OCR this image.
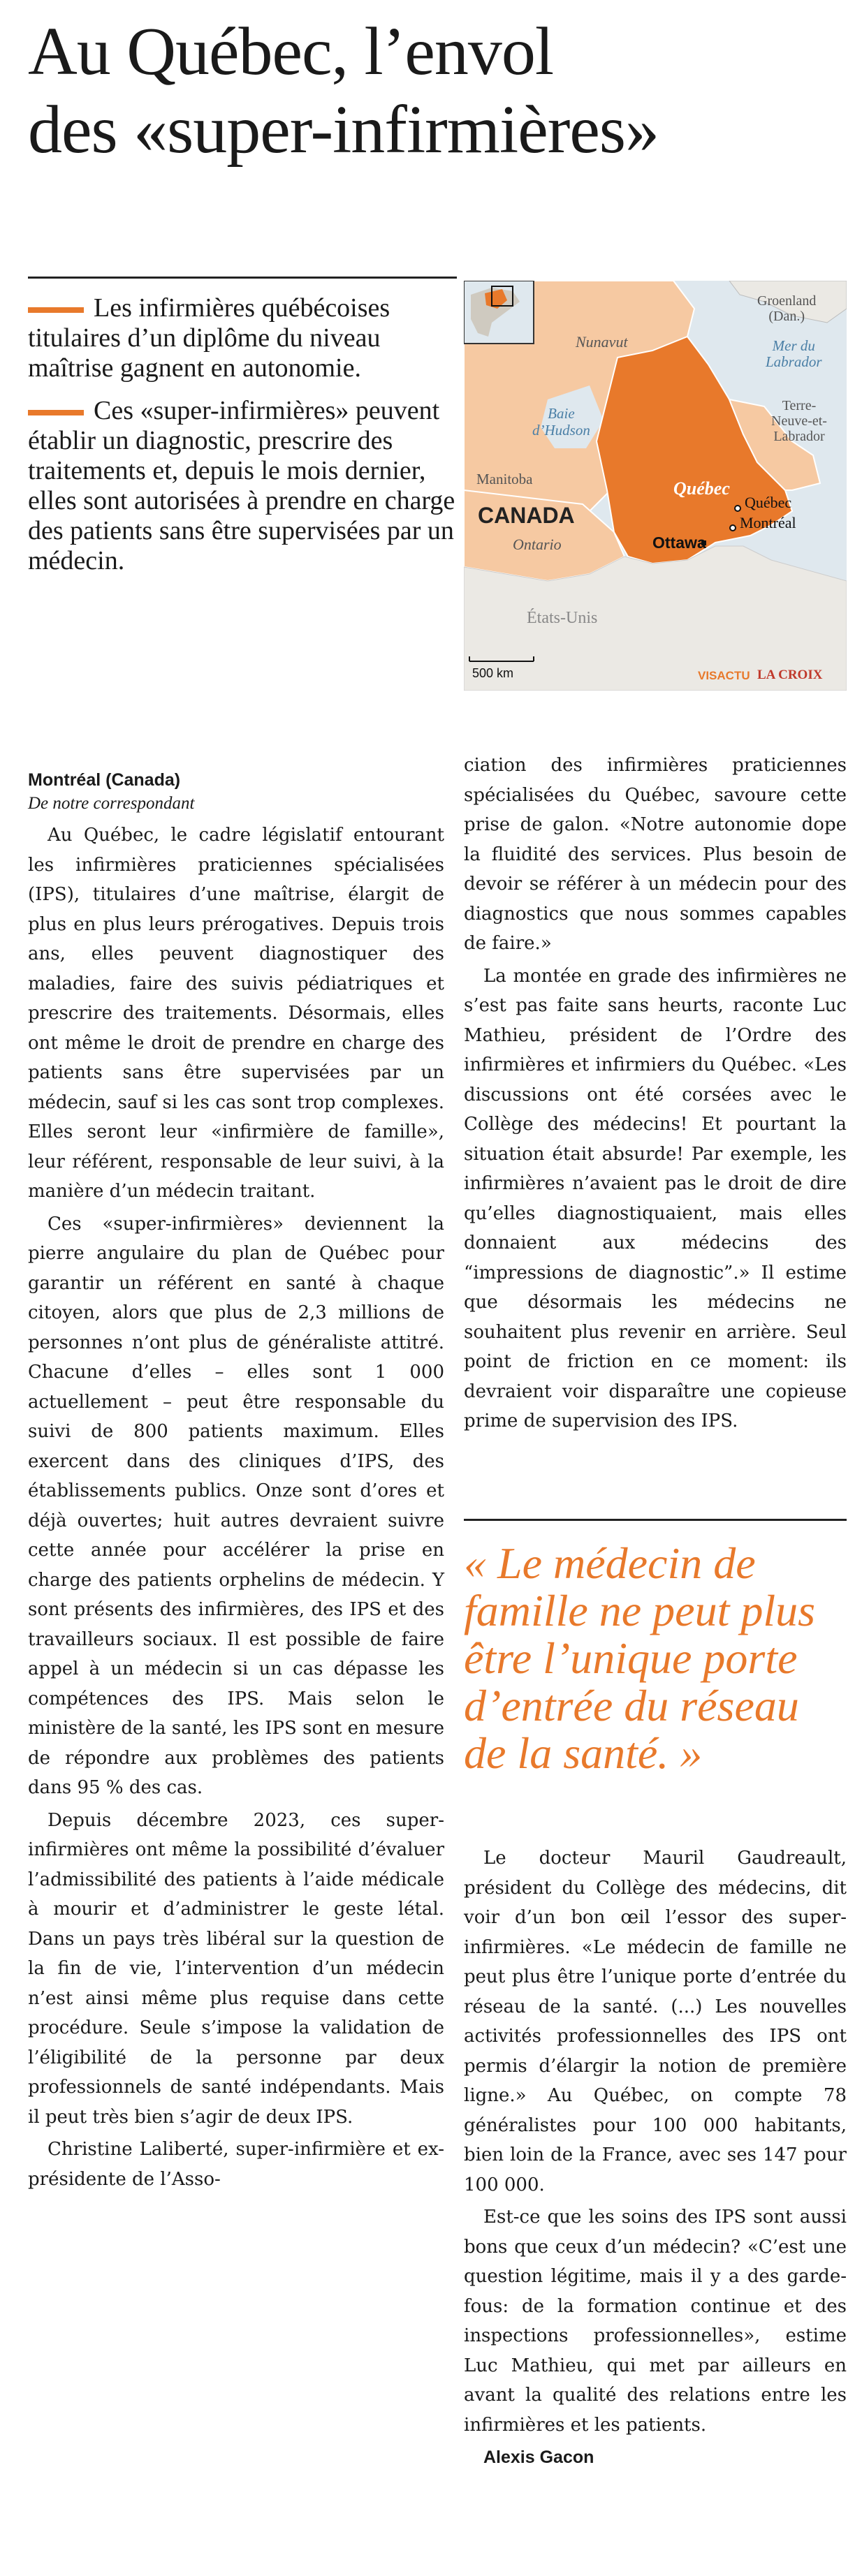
Au Québec, l’envol
des «super-infirmières»

Les infirmières québécoises titulaires d’un diplôme du niveau maîtrise gagnent en autonomie.

Ces «super-infirmières» peuvent établir un diagnostic, prescrire des traitements et, depuis le mois dernier, elles sont autorisées à prendre en charge des patients sans être supervisées par un médecin.

Montréal (Canada)
De notre correspondant

Au Québec, le cadre législatif entourant les infirmières praticiennes spécialisées (IPS), titulaires d’une maîtrise, élargit de plus en plus leurs prérogatives. Depuis trois ans, elles peuvent diagnostiquer des maladies, faire des suivis pédiatriques et prescrire des traitements. Désormais, elles ont même le droit de prendre en charge des patients sans être supervisées par un médecin, sauf si les cas sont trop complexes. Elles seront leur «infirmière de famille», leur référent, responsable de leur suivi, à la manière d’un médecin traitant.

Ces «super-infirmières» deviennent la pierre angulaire du plan de Québec pour garantir un référent en santé à chaque citoyen, alors que plus de 2,3 millions de personnes n’ont plus de généraliste attitré. Chacune d’elles – elles sont 1 000 actuellement – peut être responsable du suivi de 800 patients maximum. Elles exercent dans des cliniques d’IPS, des établissements publics. Onze sont d’ores et déjà ouvertes; huit autres devraient suivre cette année pour accélérer la prise en charge des patients orphelins de médecin. Y sont présents des infirmières, des IPS et des travailleurs sociaux. Il est possible de faire appel à un médecin si un cas dépasse les compétences des IPS. Mais selon le ministère de la santé, les IPS sont en mesure de répondre aux problèmes des patients dans 95 % des cas.

Depuis décembre 2023, ces super-infirmières ont même la possibilité d’évaluer l’admissibilité des patients à l’aide médicale à mourir et d’administrer le geste létal. Dans un pays très libéral sur la question de la fin de vie, l’intervention d’un médecin n’est ainsi même plus requise dans cette procédure. Seule s’impose la validation de l’éligibilité de la personne par deux professionnels de santé indépendants. Mais il peut très bien s’agir de deux IPS.

Christine Laliberté, super-infirmière et ex-présidente de l’Asso-

Nunavut
Groenland
(Dan.)
Mer du
Labrador
Terre-
Neuve-et-
Labrador
Baie
d’Hudson
Manitoba	Québec
CANADA
Ontario
Québec
Montréal
Ottawa
États-Unis
500 km	VISACTU LA CROIX

ciation des infirmières praticiennes spécialisées du Québec, savoure cette prise de galon. «Notre autonomie dope la fluidité des services. Plus besoin de devoir se référer à un médecin pour des diagnostics que nous sommes capables de faire.»

La montée en grade des infirmières ne s’est pas faite sans heurts, raconte Luc Mathieu, président de l’Ordre des infirmières et infirmiers du Québec. «Les discussions ont été corsées avec le Collège des médecins! Et pourtant la situation était absurde! Par exemple, les infirmières n’avaient pas le droit de dire qu’elles diagnostiquaient, mais elles donnaient aux médecins des “impressions de diagnostic”.» Il estime que désormais les médecins ne souhaitent plus revenir en arrière. Seul point de friction en ce moment: ils devraient voir disparaître une copieuse prime de supervision des IPS.

« Le médecin de famille ne peut plus être l’unique porte d’entrée du réseau de la santé. »

Le docteur Mauril Gaudreault, président du Collège des médecins, dit voir d’un bon œil l’essor des super-infirmières. «Le médecin de famille ne peut plus être l’unique porte d’entrée du réseau de la santé. (...) Les nouvelles activités professionnelles des IPS ont permis d’élargir la notion de première ligne.» Au Québec, on compte 78 généralistes pour 100 000 habitants, bien loin de la France, avec ses 147 pour 100 000.

Est-ce que les soins des IPS sont aussi bons que ceux d’un médecin? «C’est une question légitime, mais il y a des garde-fous: de la formation continue et des inspections professionnelles», estime Luc Mathieu, qui met par ailleurs en avant la qualité des relations entre les infirmières et les patients.

Alexis Gacon
